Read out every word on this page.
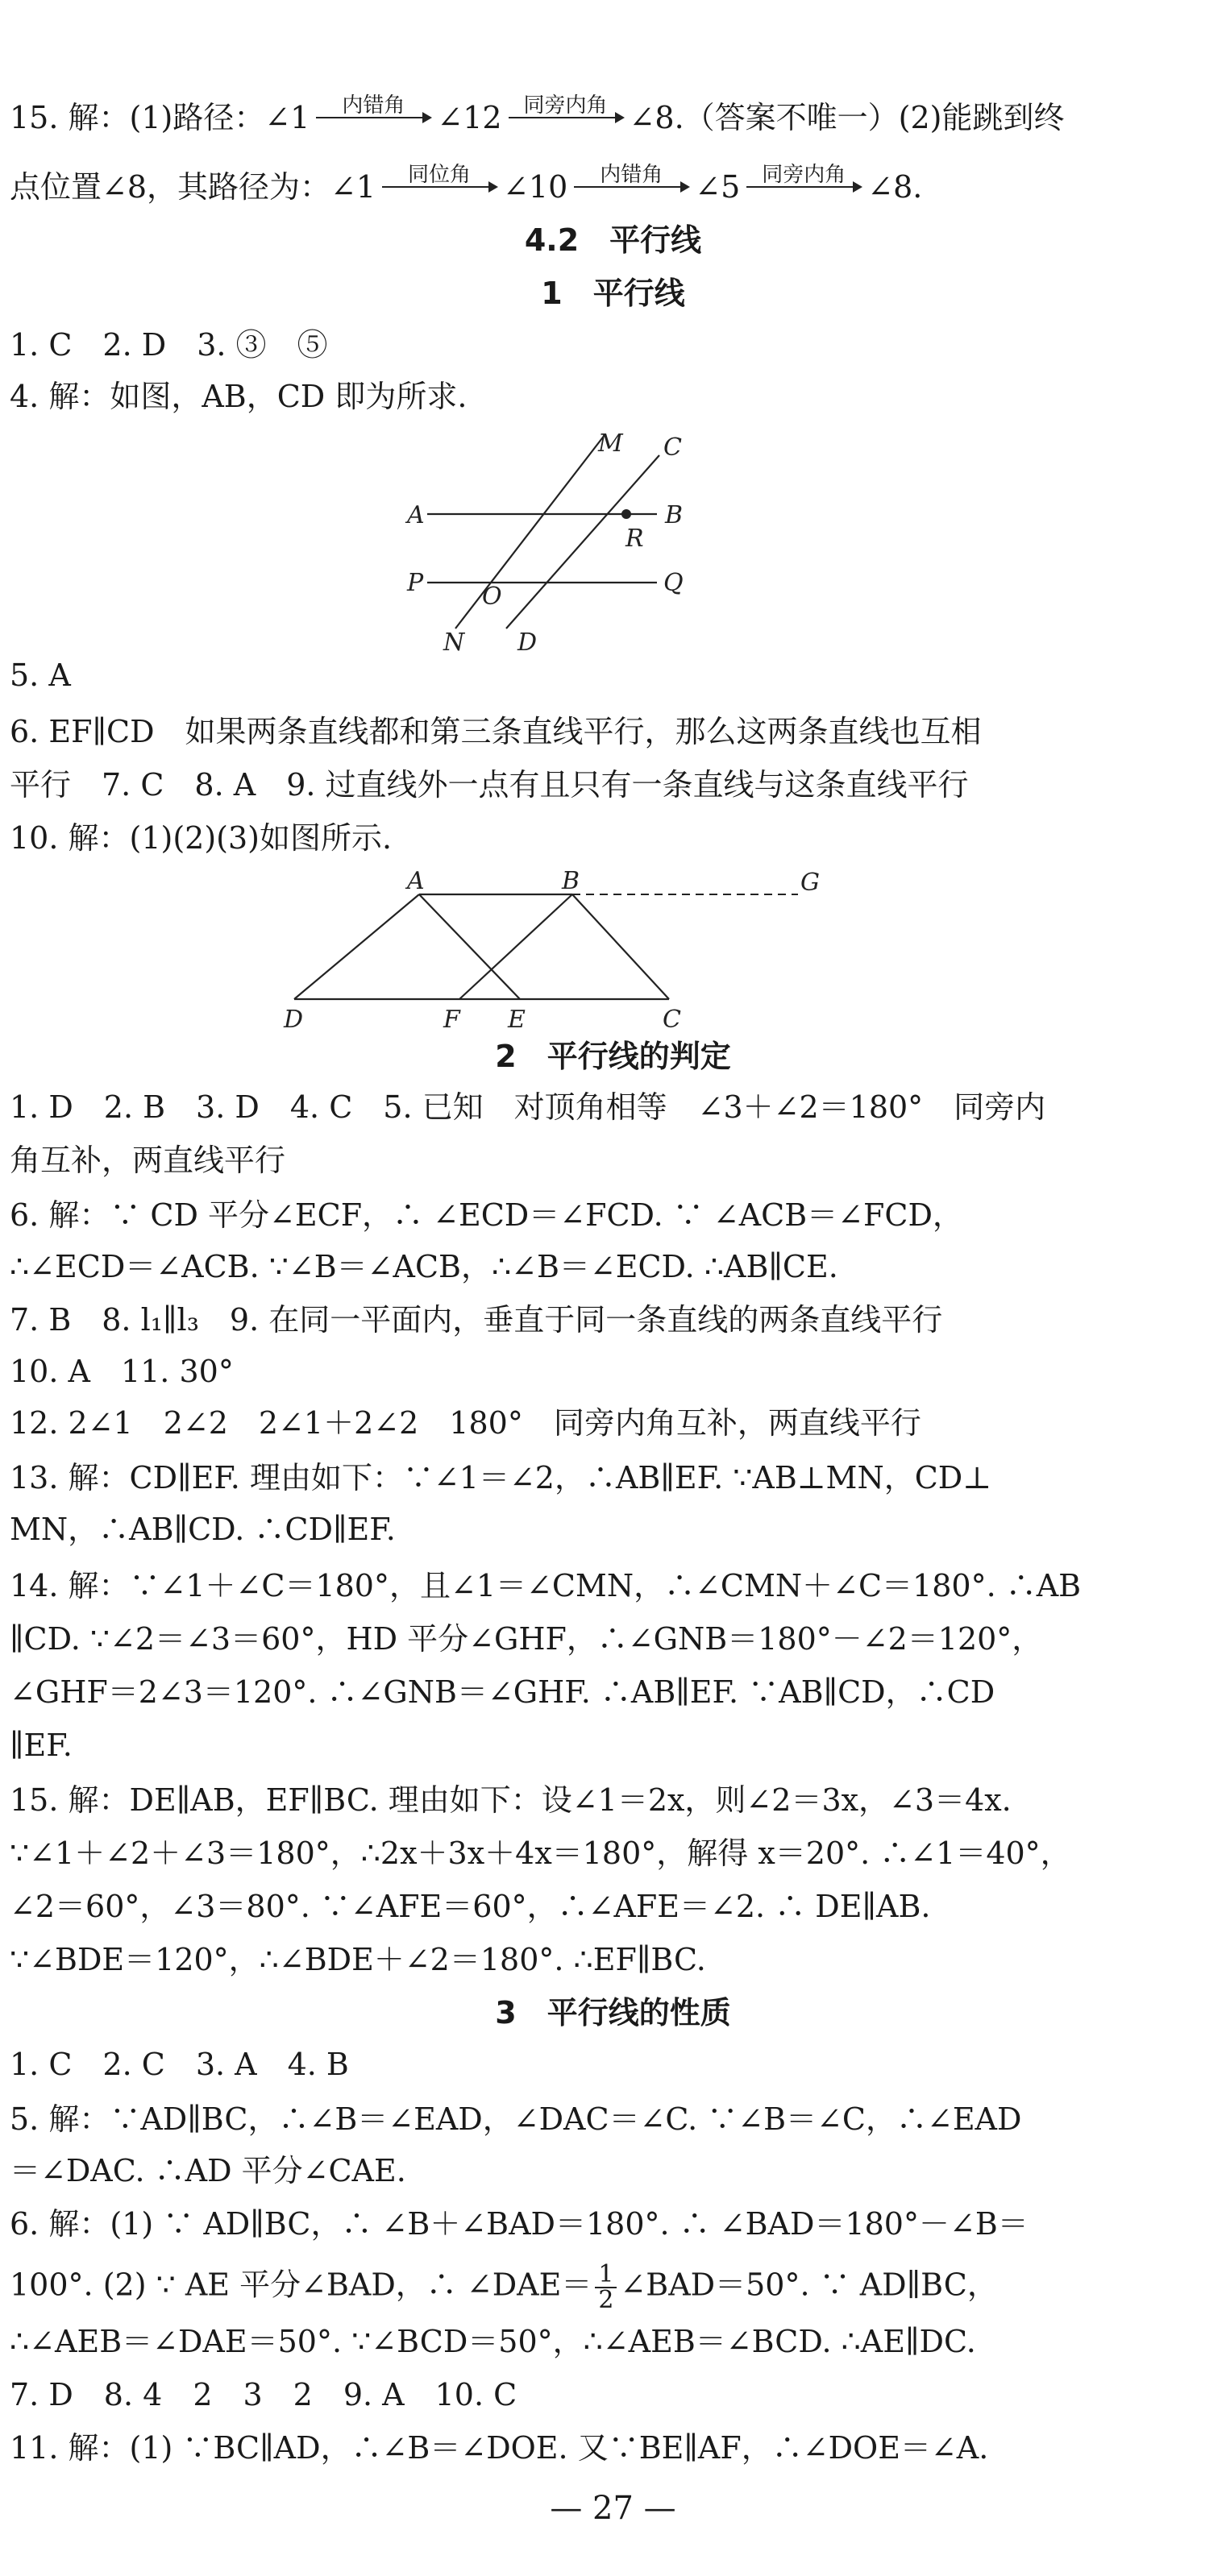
15. 解：(1)路径：∠1	内错角	∠12	同旁内角 ∠8.（答案不唯一）(2)能跳到终
点位置∠8，其路径为：∠1	同位角	∠10	内错角	∠5	同旁内角 ∠8.
4.2　平行线
1　平行线
1. C　2. D　3. ③　⑤
4. 解：如图，AB，CD 即为所求.
M C
A	B
R
P O	Q
N D
5. A
6. EF∥CD　如果两条直线都和第三条直线平行，那么这两条直线也互相
平行　7. C　8. A　9. 过直线外一点有且只有一条直线与这条直线平行
10. 解：(1)(2)(3)如图所示.
A	B	G
D	F E	C
2　平行线的判定
1. D　2. B　3. D　4. C　5. 已知　对顶角相等　∠3＋∠2＝180°　同旁内
角互补，两直线平行
6. 解：∵ CD 平分∠ECF，∴ ∠ECD＝∠FCD. ∵ ∠ACB＝∠FCD，
∴∠ECD＝∠ACB. ∵∠B＝∠ACB，∴∠B＝∠ECD. ∴AB∥CE.
7. B　8. l₁∥l₃　9. 在同一平面内，垂直于同一条直线的两条直线平行
10. A　11. 30°
12. 2∠1　2∠2　2∠1＋2∠2　180°　同旁内角互补，两直线平行
13. 解：CD∥EF. 理由如下：∵∠1＝∠2，∴AB∥EF. ∵AB⊥MN，CD⊥
MN，∴AB∥CD. ∴CD∥EF.
14. 解：∵∠1＋∠C＝180°，且∠1＝∠CMN，∴∠CMN＋∠C＝180°. ∴AB
∥CD. ∵∠2＝∠3＝60°，HD 平分∠GHF，∴∠GNB＝180°－∠2＝120°，
∠GHF＝2∠3＝120°. ∴∠GNB＝∠GHF. ∴AB∥EF. ∵AB∥CD，∴CD
∥EF.
15. 解：DE∥AB，EF∥BC. 理由如下：设∠1＝2x，则∠2＝3x，∠3＝4x.
∵∠1＋∠2＋∠3＝180°，∴2x＋3x＋4x＝180°，解得 x＝20°. ∴∠1＝40°，
∠2＝60°，∠3＝80°. ∵∠AFE＝60°，∴∠AFE＝∠2. ∴ DE∥AB.
∵∠BDE＝120°，∴∠BDE＋∠2＝180°. ∴EF∥BC.
3　平行线的性质
1. C　2. C　3. A　4. B
5. 解：∵AD∥BC，∴∠B＝∠EAD，∠DAC＝∠C. ∵∠B＝∠C，∴∠EAD
＝∠DAC. ∴AD 平分∠CAE.
6. 解：(1) ∵ AD∥BC，∴ ∠B＋∠BAD＝180°. ∴ ∠BAD＝180°－∠B＝
100°. (2) ∵ AE 平分∠BAD，∴ ∠DAE＝ $\frac{1}{2}$ ∠BAD＝50°. ∵ AD∥BC，
∴∠AEB＝∠DAE＝50°. ∵∠BCD＝50°，∴∠AEB＝∠BCD. ∴AE∥DC.
7. D　8. 4　2　3　2　9. A　10. C
11. 解：(1) ∵BC∥AD，∴∠B＝∠DOE. 又∵BE∥AF，∴∠DOE＝∠A.
— 27 —
